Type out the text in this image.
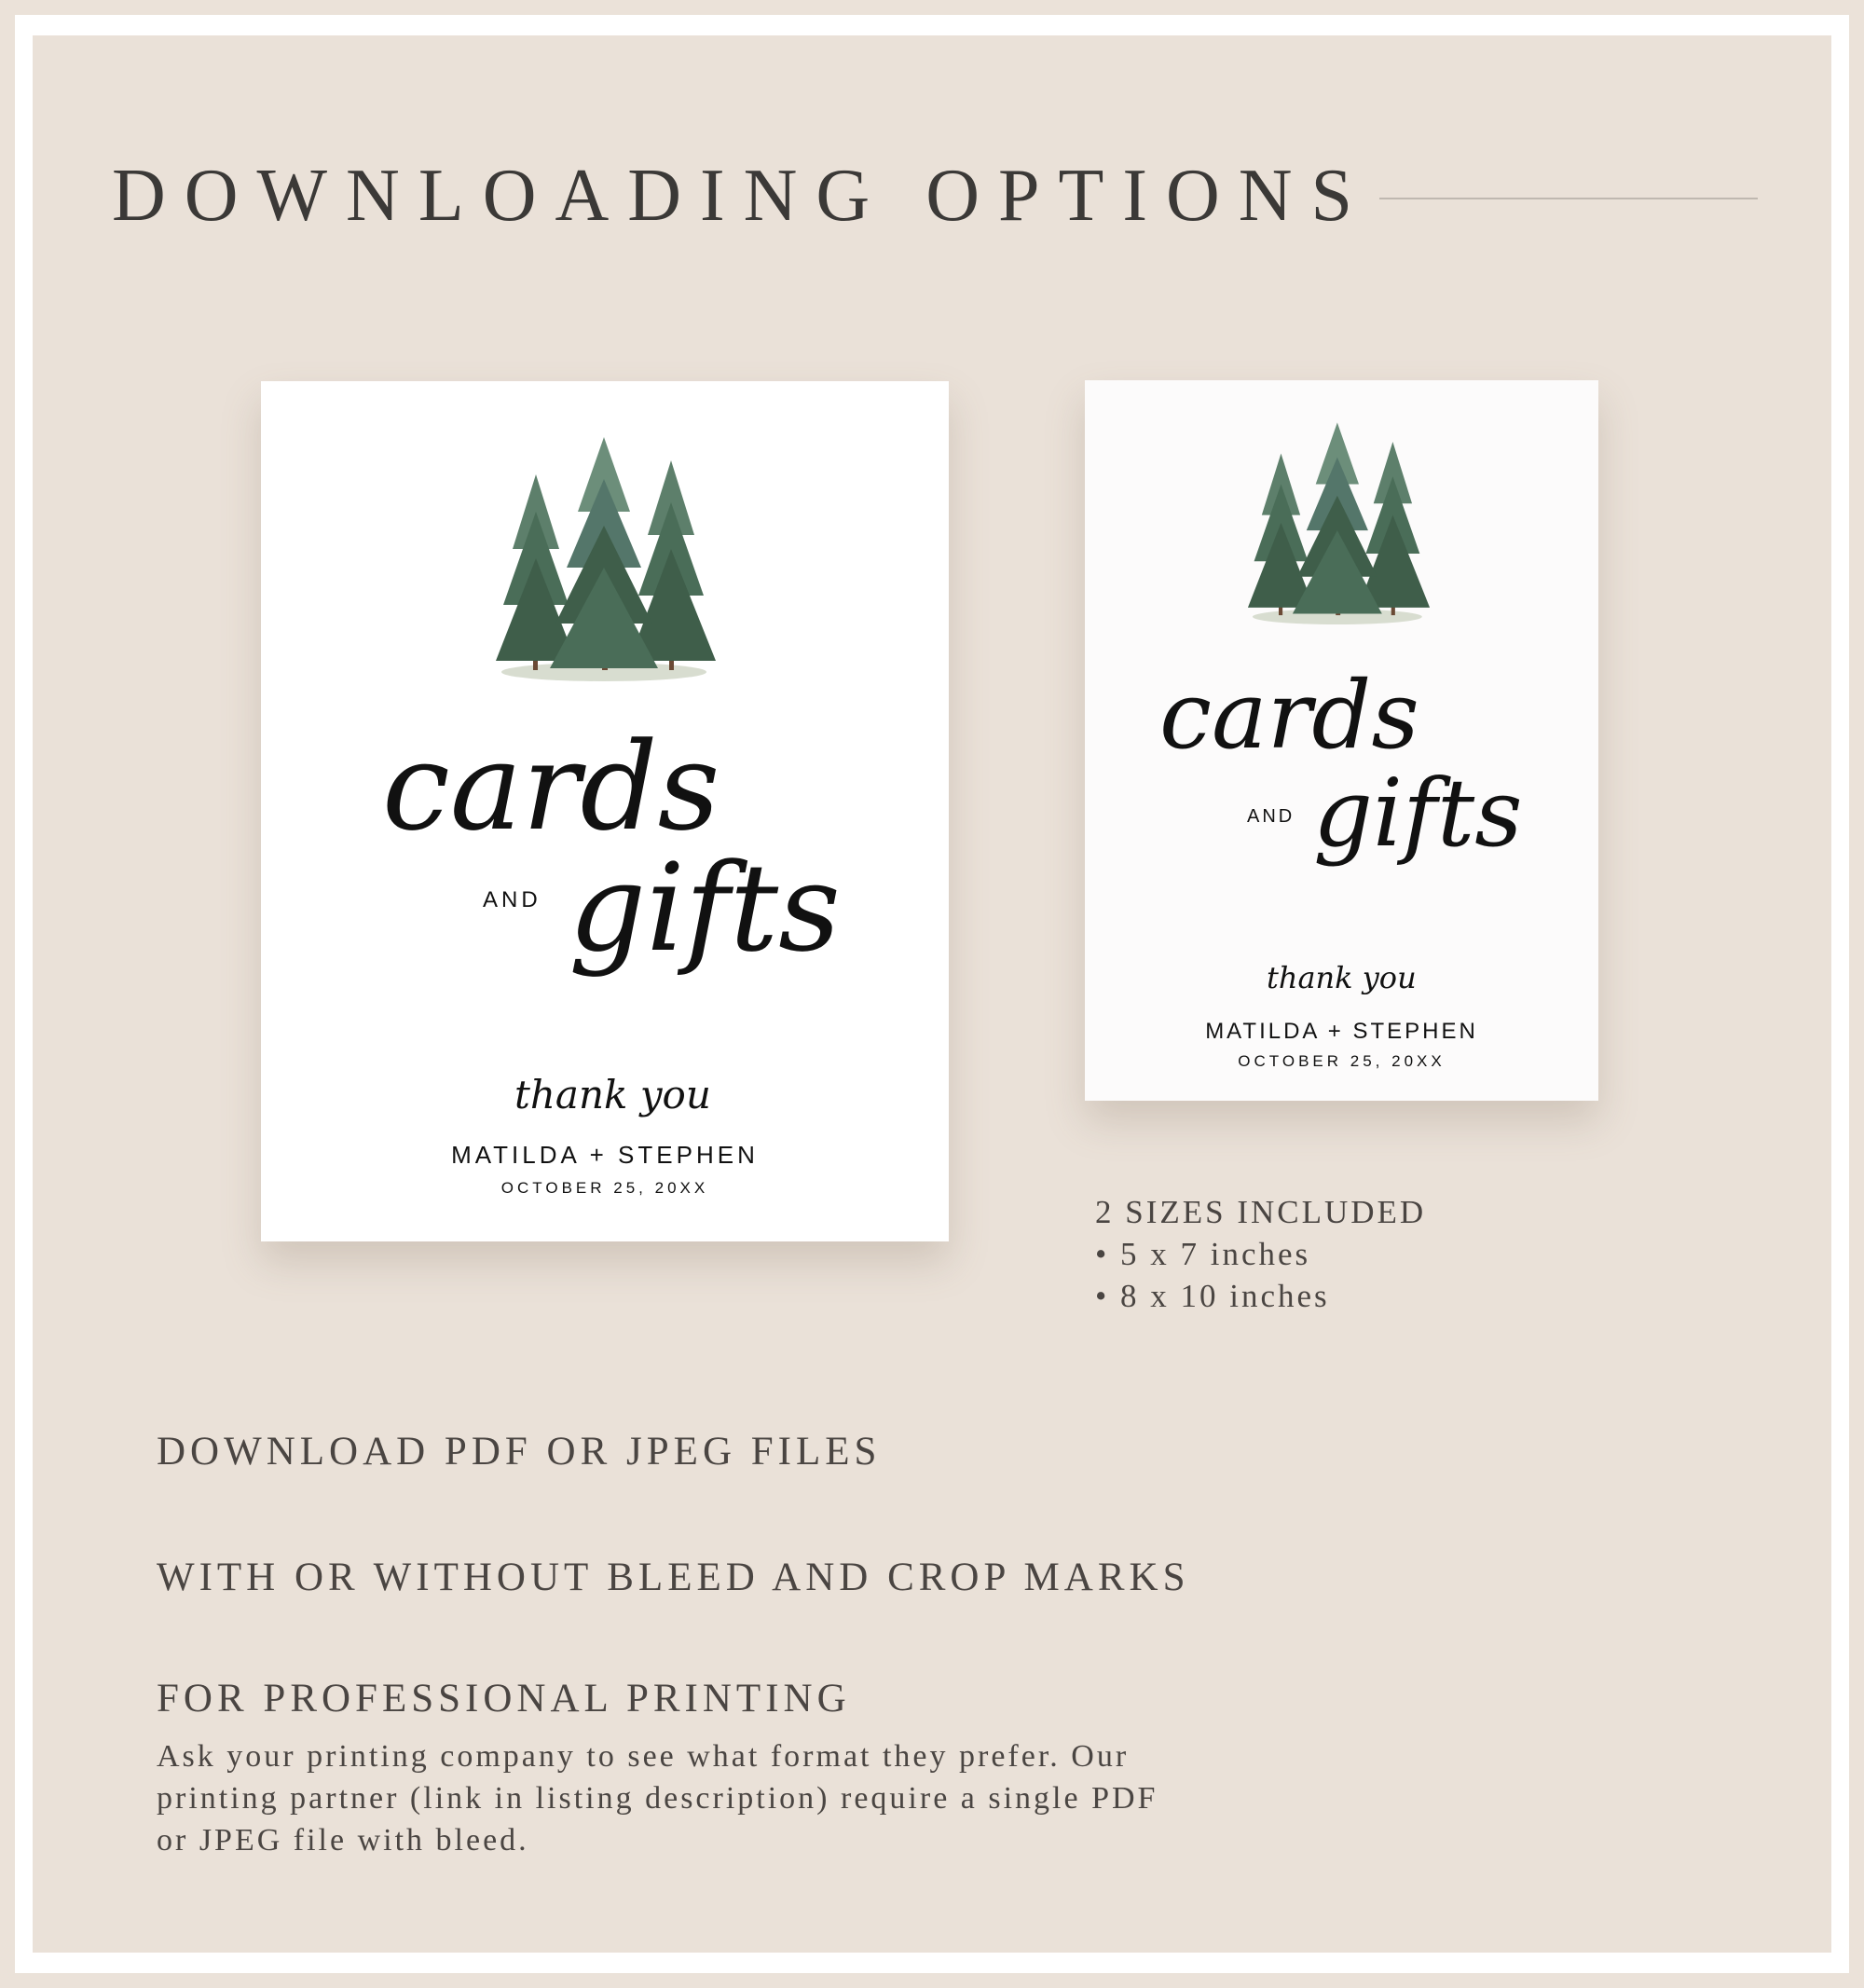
DOWNLOADING OPTIONS
cards
AND gifts
thank you
MATILDA + STEPHEN
OCTOBER 25, 20XX
cards
AND gifts
thank you
MATILDA + STEPHEN
OCTOBER 25, 20XX
2 SIZES INCLUDED
• 5 x 7 inches
• 8 x 10 inches
DOWNLOAD PDF OR JPEG FILES
WITH OR WITHOUT BLEED AND CROP MARKS
FOR PROFESSIONAL PRINTING
Ask your printing company to see what format they prefer. Our printing partner (link in listing description) require a single PDF or JPEG file with bleed.
